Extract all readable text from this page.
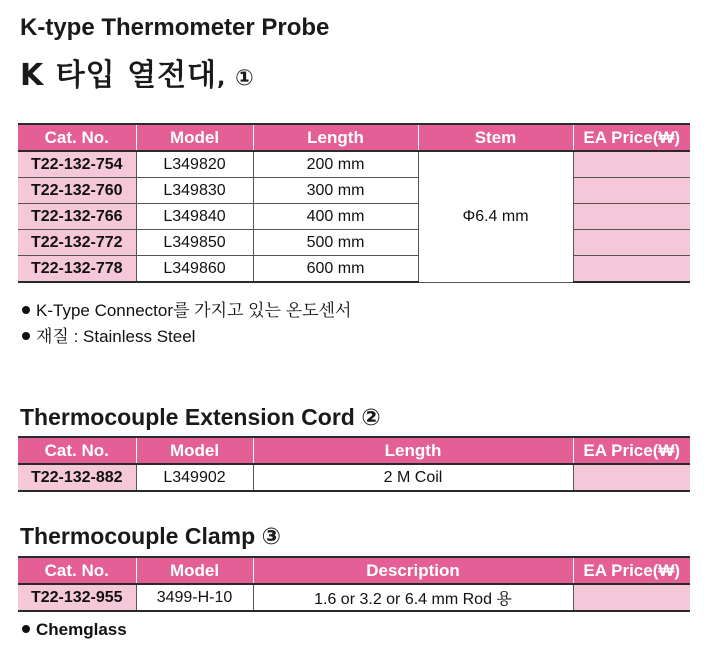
K-type Thermometer Probe
K 타입 열전대, ①
Cat. No.	Model	Length	Stem	EA Price(₩)
T22-132-754	L349820	200 mm	Φ6.4 mm	
T22-132-760	L349830	300 mm		
T22-132-766	L349840	400 mm		
T22-132-772	L349850	500 mm		
T22-132-778	L349860	600 mm		
K-Type Connector를 가지고 있는 온도센서
재질 : Stainless Steel
Thermocouple Extension Cord ②
Cat. No.	Model	Length	EA Price(₩)
T22-132-882	L349902	2 M Coil	
Thermocouple Clamp ③
Cat. No.	Model	Description	EA Price(₩)
T22-132-955	3499-H-10	1.6 or 3.2 or 6.4 mm Rod 용	
Chemglass
